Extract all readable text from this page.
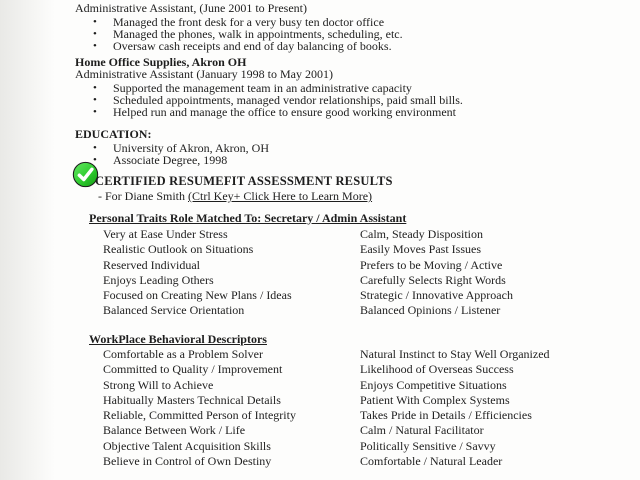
Administrative Assistant, (June 2001 to Present)
•	Managed the front desk for a very busy ten doctor office
•	Managed the phones, walk in appointments, scheduling, etc.
•	Oversaw cash receipts and end of day balancing of books.
Home Office Supplies, Akron OH
Administrative Assistant (January 1998 to May 2001)
•	Supported the management team in an administrative capacity
•	Scheduled appointments, managed vendor relationships, paid small bills.
•	Helped run and manage the office to ensure good working environment
EDUCATION:
•	University of Akron, Akron, OH
•	Associate Degree, 1998
CERTIFIED RESUMEFIT ASSESSMENT RESULTS
- For Diane Smith (Ctrl Key+ Click Here to Learn More)
Personal Traits Role Matched To: Secretary / Admin Assistant
Very at Ease Under Stress	Calm, Steady Disposition
Realistic Outlook on Situations	Easily Moves Past Issues
Reserved Individual	Prefers to be Moving / Active
Enjoys Leading Others	Carefully Selects Right Words
Focused on Creating New Plans / Ideas	Strategic / Innovative Approach
Balanced Service Orientation	Balanced Opinions / Listener
WorkPlace Behavioral Descriptors
Comfortable as a Problem Solver	Natural Instinct to Stay Well Organized
Committed to Quality / Improvement	Likelihood of Overseas Success
Strong Will to Achieve	Enjoys Competitive Situations
Habitually Masters Technical Details	Patient With Complex Systems
Reliable, Committed Person of Integrity	Takes Pride in Details / Efficiencies
Balance Between Work / Life	Calm / Natural Facilitator
Objective Talent Acquisition Skills	Politically Sensitive / Savvy
Believe in Control of Own Destiny	Comfortable / Natural Leader
